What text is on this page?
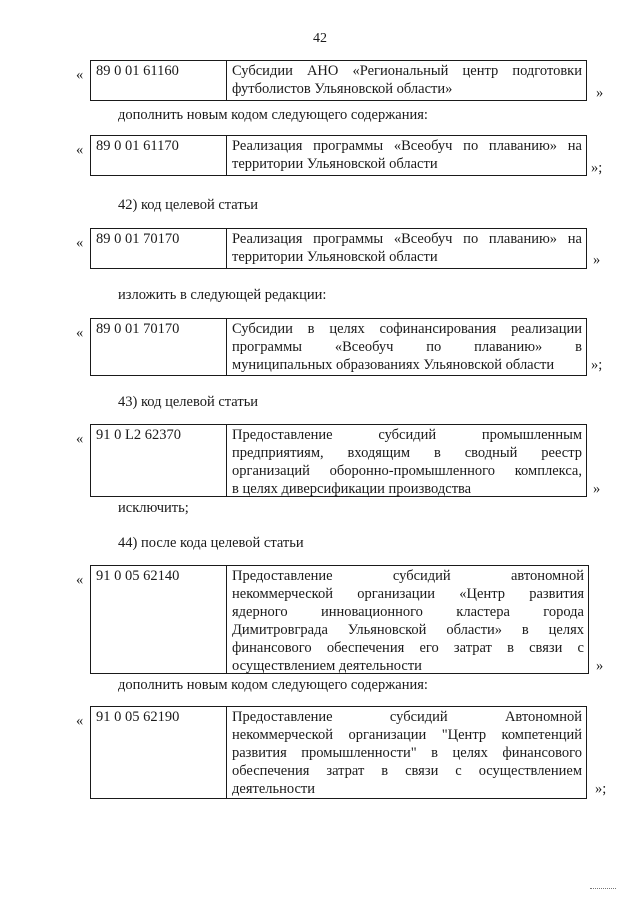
42
« 89 0 01 61160	Субсидии АНО «Региональный центр подготовки
футболистов Ульяновской области»	»
дополнить новым кодом следующего содержания:
« 89 0 01 61170	Реализация программы «Всеобуч по плаванию» на
территории Ульяновской области	»;
42) код целевой статьи
« 89 0 01 70170	Реализация программы «Всеобуч по плаванию» на
территории Ульяновской области	»
изложить в следующей редакции:
« 89 0 01 70170	Субсидии в целях софинансирования реализации
программы «Всеобуч по плаванию» в
муниципальных образованиях Ульяновской области	»;
43) код целевой статьи
« 91 0 L2 62370	Предоставление субсидий промышленным
предприятиям, входящим в сводный реестр
организаций оборонно-промышленного комплекса,
в целях диверсификации производства	»
исключить;
44) после кода целевой статьи
« 91 0 05 62140	Предоставление субсидий автономной
некоммерческой организации «Центр развития
ядерного инновационного кластера города
Димитровграда Ульяновской области» в целях
финансового обеспечения его затрат в связи с
осуществлением деятельности	»
дополнить новым кодом следующего содержания:
« 91 0 05 62190	Предоставление субсидий Автономной
некоммерческой организации "Центр компетенций
развития промышленности" в целях финансового
обеспечения затрат в связи с осуществлением
деятельности	»;
